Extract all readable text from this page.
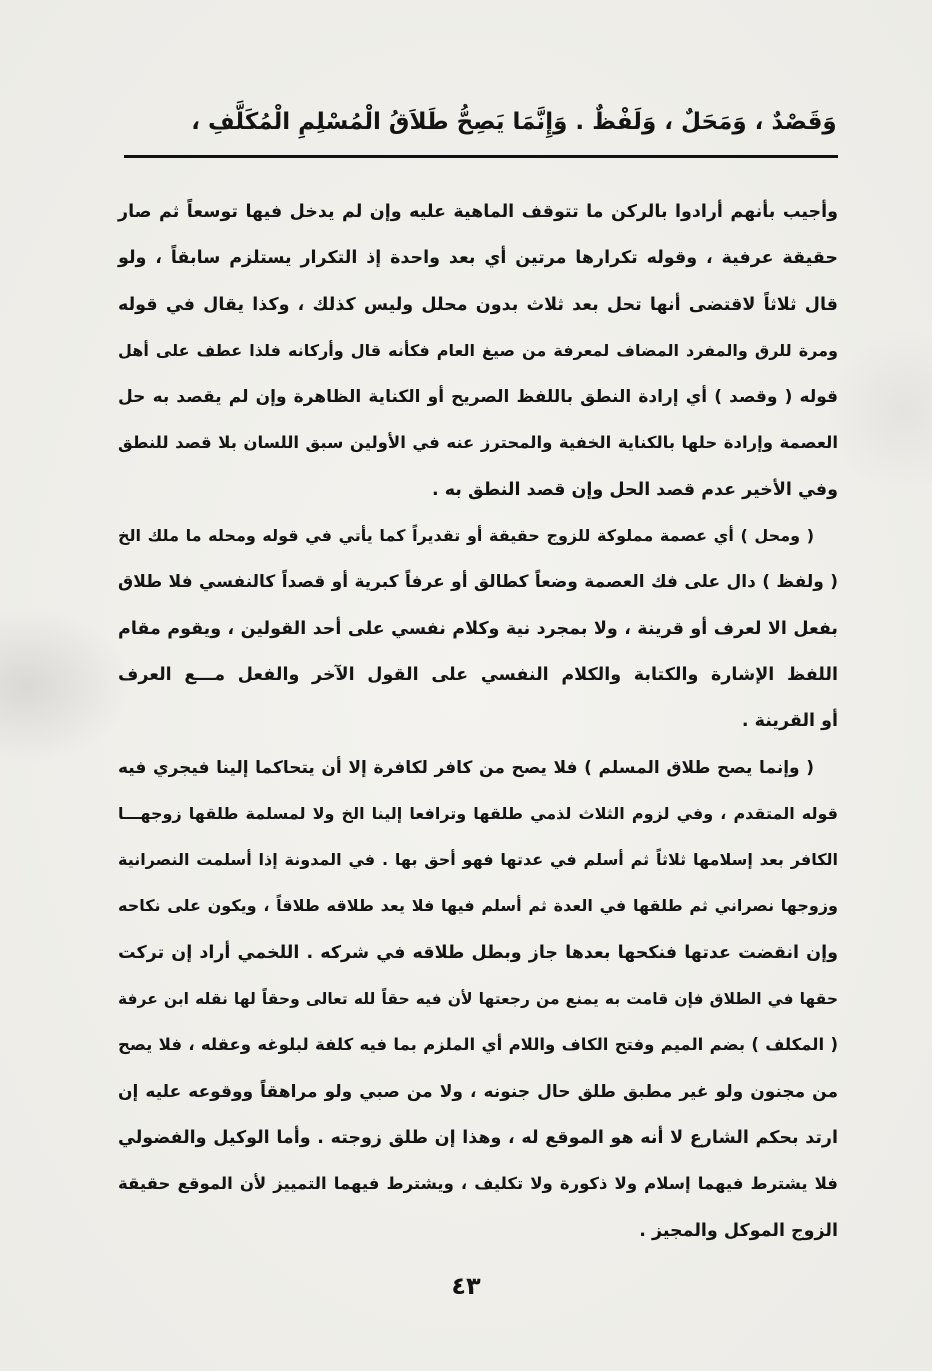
وَقَصْدٌ ، وَمَحَلٌ ، وَلَفْظٌ . وَإِنَّمَا يَصِحُّ طَلاَقُ الْمُسْلِمِ الْمُكَلَّفِ ،
وأجيب بأنهم أرادوا بالركن ما تتوقف الماهية عليه وإن لم يدخل فيها توسعاً ثم صار
حقيقة عرفية ، وقوله تكرارها مرتين أي بعد واحدة إذ التكرار يستلزم سابقاً ، ولو
قال ثلاثاً لاقتضى أنها تحل بعد ثلاث بدون محلل وليس كذلك ، وكذا يقال في قوله
ومرة للرق والمفرد المضاف لمعرفة من صيغ العام فكأنه قال وأركانه فلذا عطف على أهل
قوله ( وقصد ) أي إرادة النطق باللفظ الصريح أو الكناية الظاهرة وإن لم يقصد به حل
العصمة وإرادة حلها بالكناية الخفية والمحترز عنه في الأولين سبق اللسان بلا قصد للنطق
وفي الأخير عدم قصد الحل وإن قصد النطق به .
( ومحل ) أي عصمة مملوكة للزوج حقيقة أو تقديراً كما يأتي في قوله ومحله ما ملك الخ
( ولفظ ) دال على فك العصمة وضعاً كطالق أو عرفاً كبرية أو قصداً كالنفسي فلا طلاق
بفعل الا لعرف أو قرينة ، ولا بمجرد نية وكلام نفسي على أحد القولين ، ويقوم مقام
اللفظ الإشارة والكتابة والكلام النفسي على القول الآخر والفعل مـــع العرف
أو القرينة .
( وإنما يصح طلاق المسلم ) فلا يصح من كافر لكافرة إلا أن يتحاكما إلينا فيجري فيه
قوله المتقدم ، وفي لزوم الثلاث لذمي طلقها وترافعا إلينا الخ ولا لمسلمة طلقها زوجهـــا
الكافر بعد إسلامها ثلاثاً ثم أسلم في عدتها فهو أحق بها . في المدونة إذا أسلمت النصرانية
وزوجها نصراني ثم طلقها في العدة ثم أسلم فيها فلا يعد طلاقه طلاقاً ، ويكون على نكاحه
وإن انقضت عدتها فنكحها بعدها جاز وبطل طلاقه في شركه . اللخمي أراد إن تركت
حقها في الطلاق فإن قامت به يمنع من رجعتها لأن فيه حقاً لله تعالى وحقاً لها نقله ابن عرفة
( المكلف ) بضم الميم وفتح الكاف واللام أي الملزم بما فيه كلفة لبلوغه وعقله ، فلا يصح
من مجنون ولو غير مطبق طلق حال جنونه ، ولا من صبي ولو مراهقاً ووقوعه عليه إن
ارتد بحكم الشارع لا أنه هو الموقع له ، وهذا إن طلق زوجته . وأما الوكيل والفضولي
فلا يشترط فيهما إسلام ولا ذكورة ولا تكليف ، ويشترط فيهما التمييز لأن الموقع حقيقة
الزوج الموكل والمجيز .
٤٣
